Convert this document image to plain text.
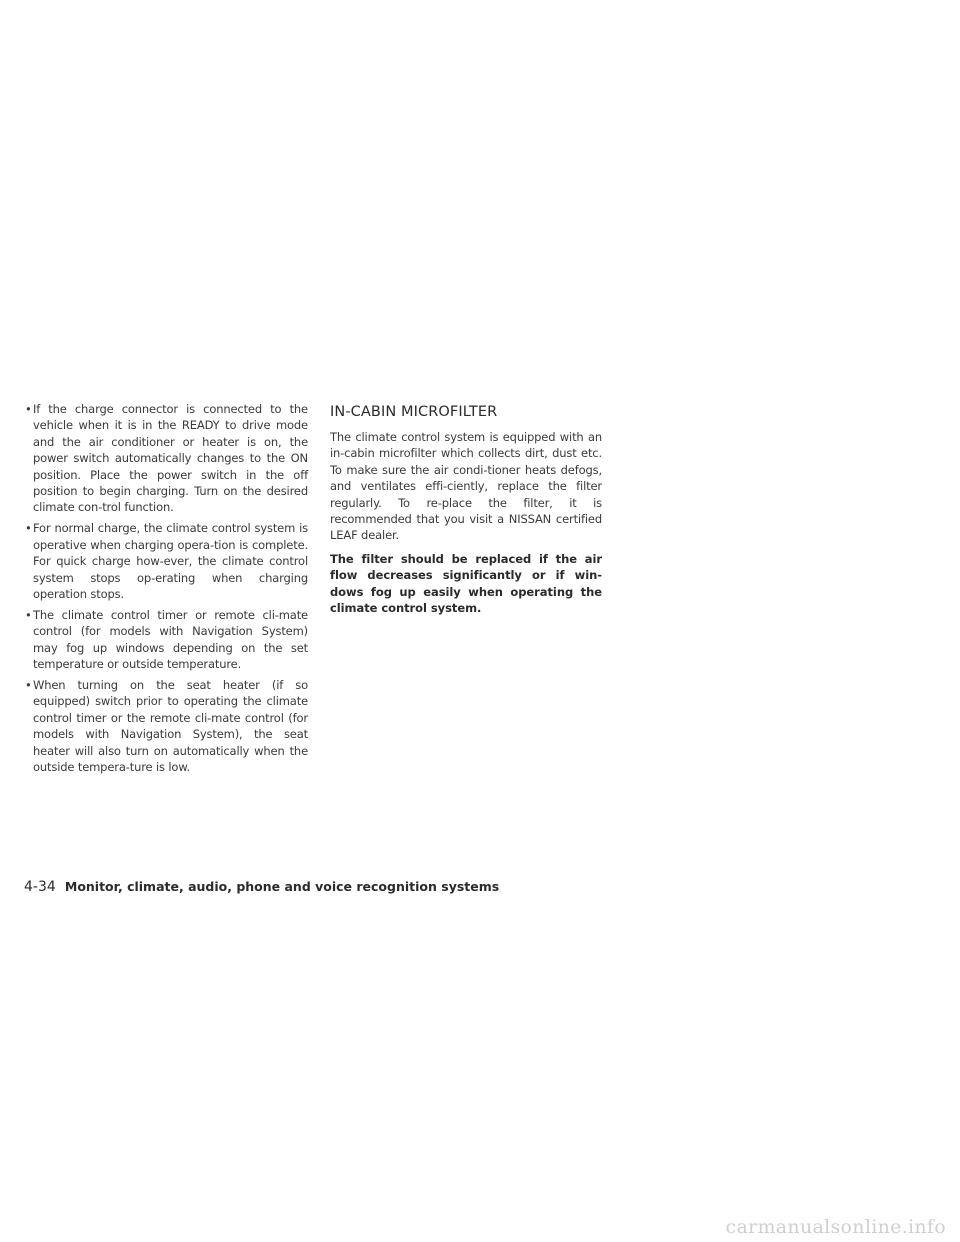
• If the charge connector is connected to the vehicle when it is in the READY to drive mode and the air conditioner or heater is on, the power switch automatically changes to the ON position. Place the power switch in the off position to begin charging. Turn on the desired climate con-trol function.
• For normal charge, the climate control system is operative when charging opera-tion is complete. For quick charge how-ever, the climate control system stops op-erating when charging operation stops.
• The climate control timer or remote cli-mate control (for models with Navigation System) may fog up windows depending on the set temperature or outside temperature.
• When turning on the seat heater (if so equipped) switch prior to operating the climate control timer or the remote cli-mate control (for models with Navigation System), the seat heater will also turn on automatically when the outside tempera-ture is low.
IN-CABIN MICROFILTER

The climate control system is equipped with an in-cabin microfilter which collects dirt, dust etc. To make sure the air condi-tioner heats defogs, and ventilates effi-ciently, replace the filter regularly. To re-place the filter, it is recommended that you visit a NISSAN certified LEAF dealer.

The filter should be replaced if the air flow decreases significantly or if win-dows fog up easily when operating the climate control system.

4-34 Monitor, climate, audio, phone and voice recognition systems
carmanualsonline.info
